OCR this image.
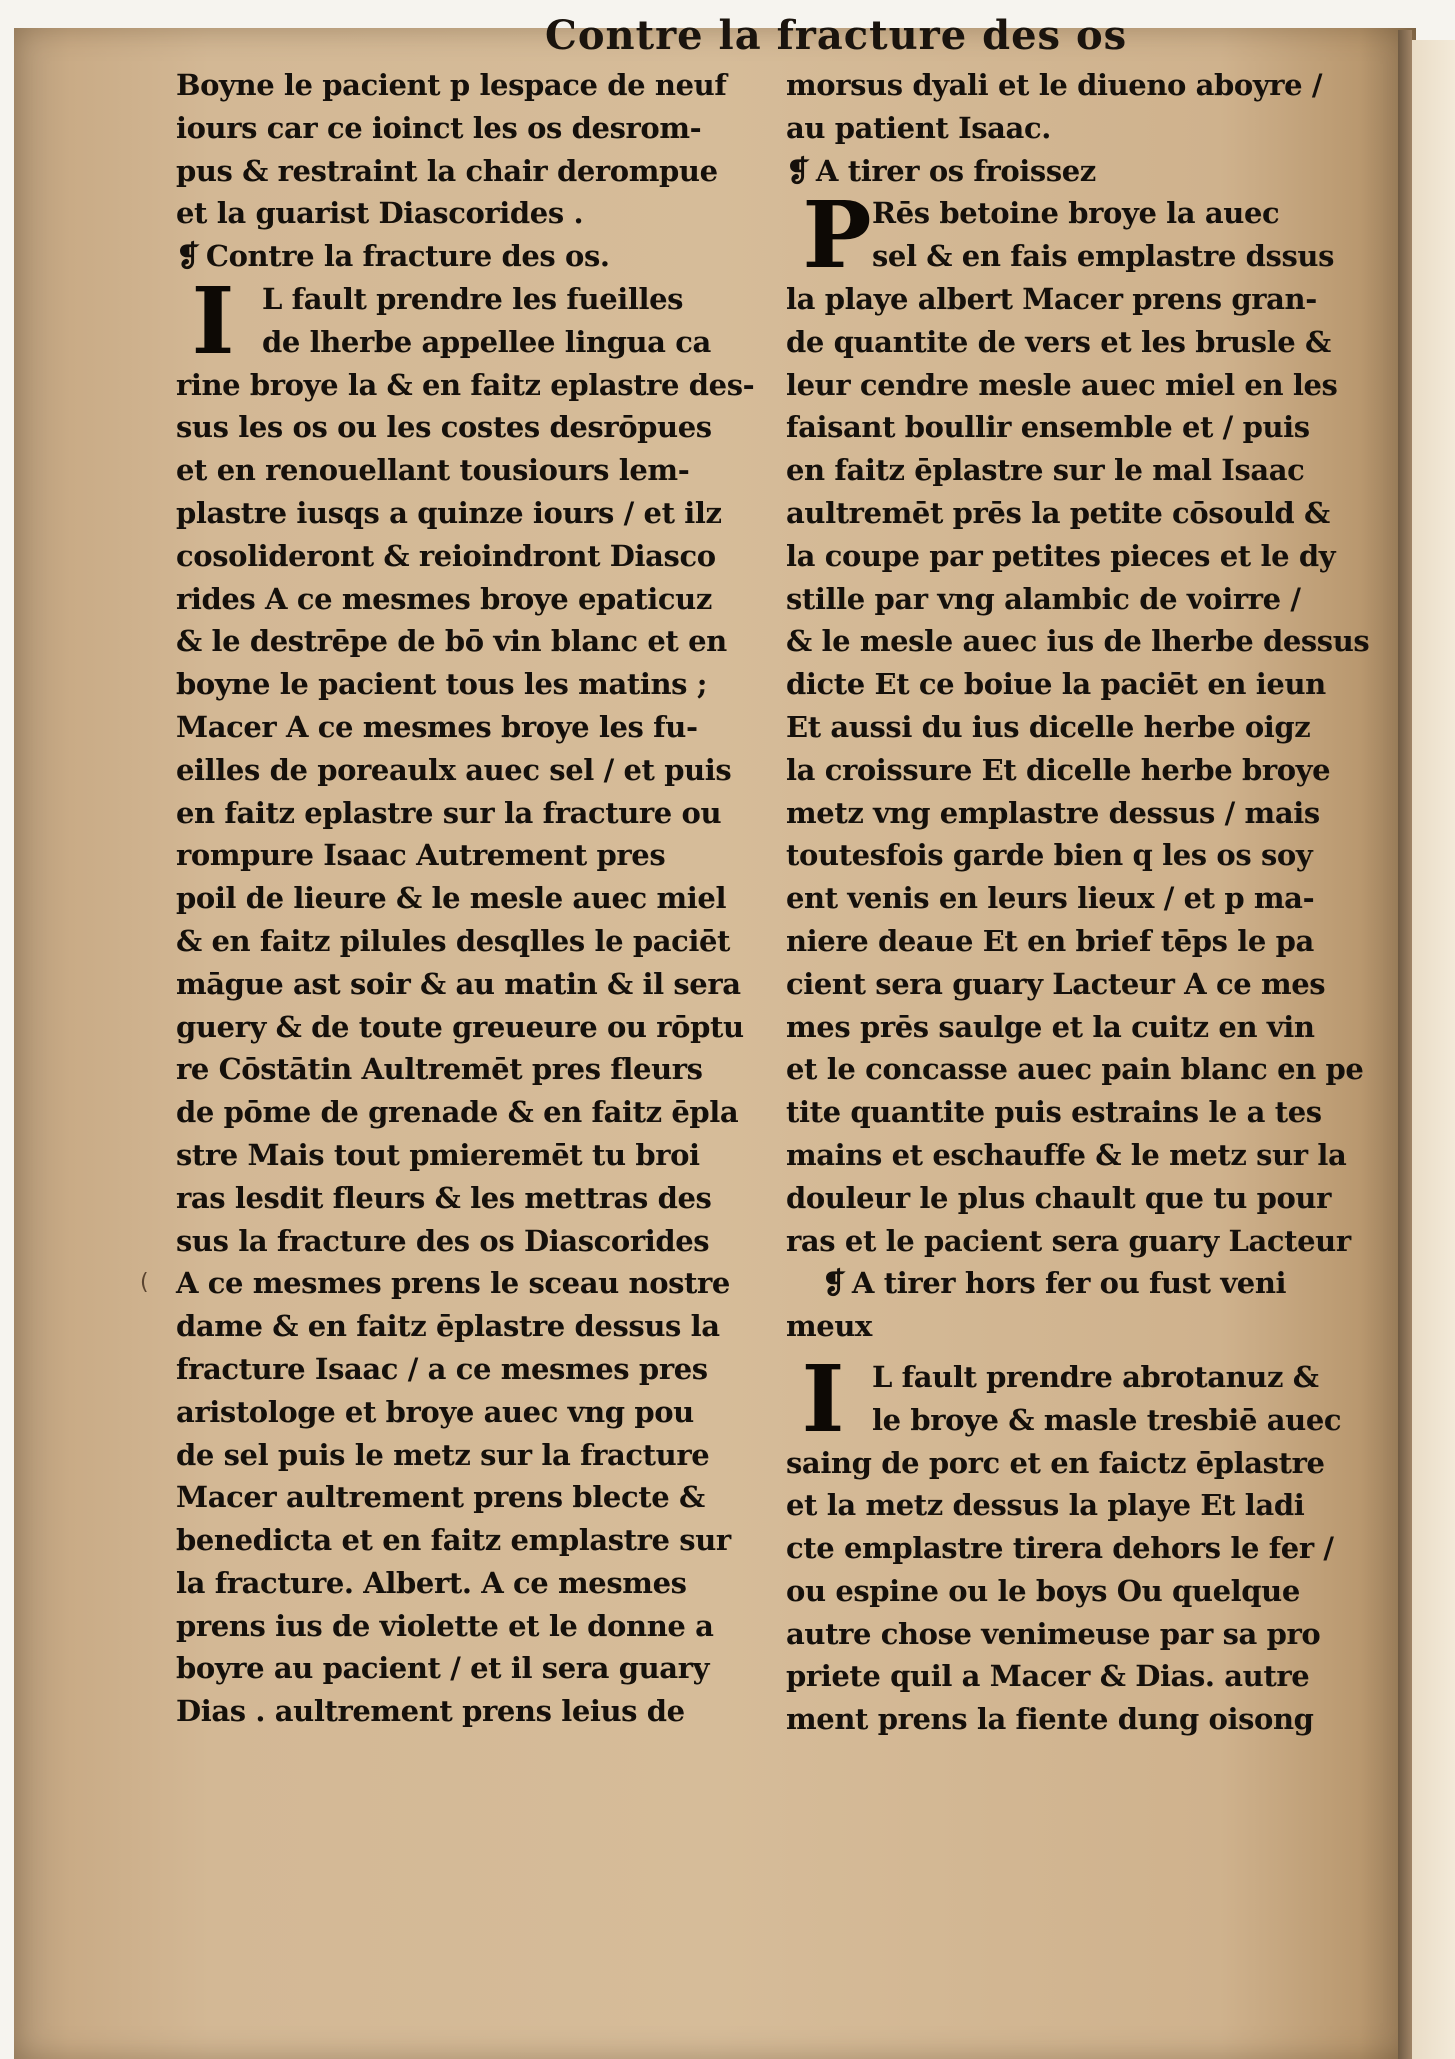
Contre la fracture des os
(
Boyne le pacient p lespace de neuf
iours car ce ioinct les os desrom-
pus & restraint la chair derompue
et la guarist Diascorides .
❡ Contre la fracture des os.
I L fault prendre les fueilles
de lherbe appellee lingua ca
rine broye la & en faitz eplastre des-
sus les os ou les costes desrōpues
et en renouellant tousiours lem-
plastre iusqs a quinze iours / et ilz
cosolideront & reioindront Diasco
rides A ce mesmes broye epaticuz
& le destrēpe de bō vin blanc et en
boyne le pacient tous les matins ;
Macer A ce mesmes broye les fu-
eilles de poreaulx auec sel / et puis
en faitz eplastre sur la fracture ou
rompure Isaac Autrement pres
poil de lieure & le mesle auec miel
& en faitz pilules desqlles le paciēt
māgue ast soir & au matin & il sera
guery & de toute greueure ou rōptu
re Cōstātin Aultremēt pres fleurs
de pōme de grenade & en faitz ēpla
stre Mais tout pmieremēt tu broi
ras lesdit fleurs & les mettras des
sus la fracture des os Diascorides
A ce mesmes prens le sceau nostre
dame & en faitz ēplastre dessus la
fracture Isaac / a ce mesmes pres
aristologe et broye auec vng pou
de sel puis le metz sur la fracture
Macer aultrement prens blecte &
benedicta et en faitz emplastre sur
la fracture. Albert. A ce mesmes
prens ius de violette et le donne a
boyre au pacient / et il sera guary
Dias . aultrement prens leius de
morsus dyali et le diueno aboyre /
au patient Isaac.
❡ A tirer os froissez
P Rēs betoine broye la auec
sel & en fais emplastre dssus
la playe albert Macer prens gran-
de quantite de vers et les brusle &
leur cendre mesle auec miel en les
faisant boullir ensemble et / puis
en faitz ēplastre sur le mal Isaac
aultremēt prēs la petite cōsould &
la coupe par petites pieces et le dy
stille par vng alambic de voirre /
& le mesle auec ius de lherbe dessus
dicte Et ce boiue la paciēt en ieun
Et aussi du ius dicelle herbe oigz
la croissure Et dicelle herbe broye
metz vng emplastre dessus / mais
toutesfois garde bien q les os soy
ent venis en leurs lieux / et p ma-
niere deaue Et en brief tēps le pa
cient sera guary Lacteur A ce mes
mes prēs saulge et la cuitz en vin
et le concasse auec pain blanc en pe
tite quantite puis estrains le a tes
mains et eschauffe & le metz sur la
douleur le plus chault que tu pour
ras et le pacient sera guary Lacteur
❡ A tirer hors fer ou fust veni
meux
I L fault prendre abrotanuz &
le broye & masle tresbiē auec
saing de porc et en faictz ēplastre
et la metz dessus la playe Et ladi
cte emplastre tirera dehors le fer /
ou espine ou le boys Ou quelque
autre chose venimeuse par sa pro
priete quil a Macer & Dias. autre
ment prens la fiente dung oisong
